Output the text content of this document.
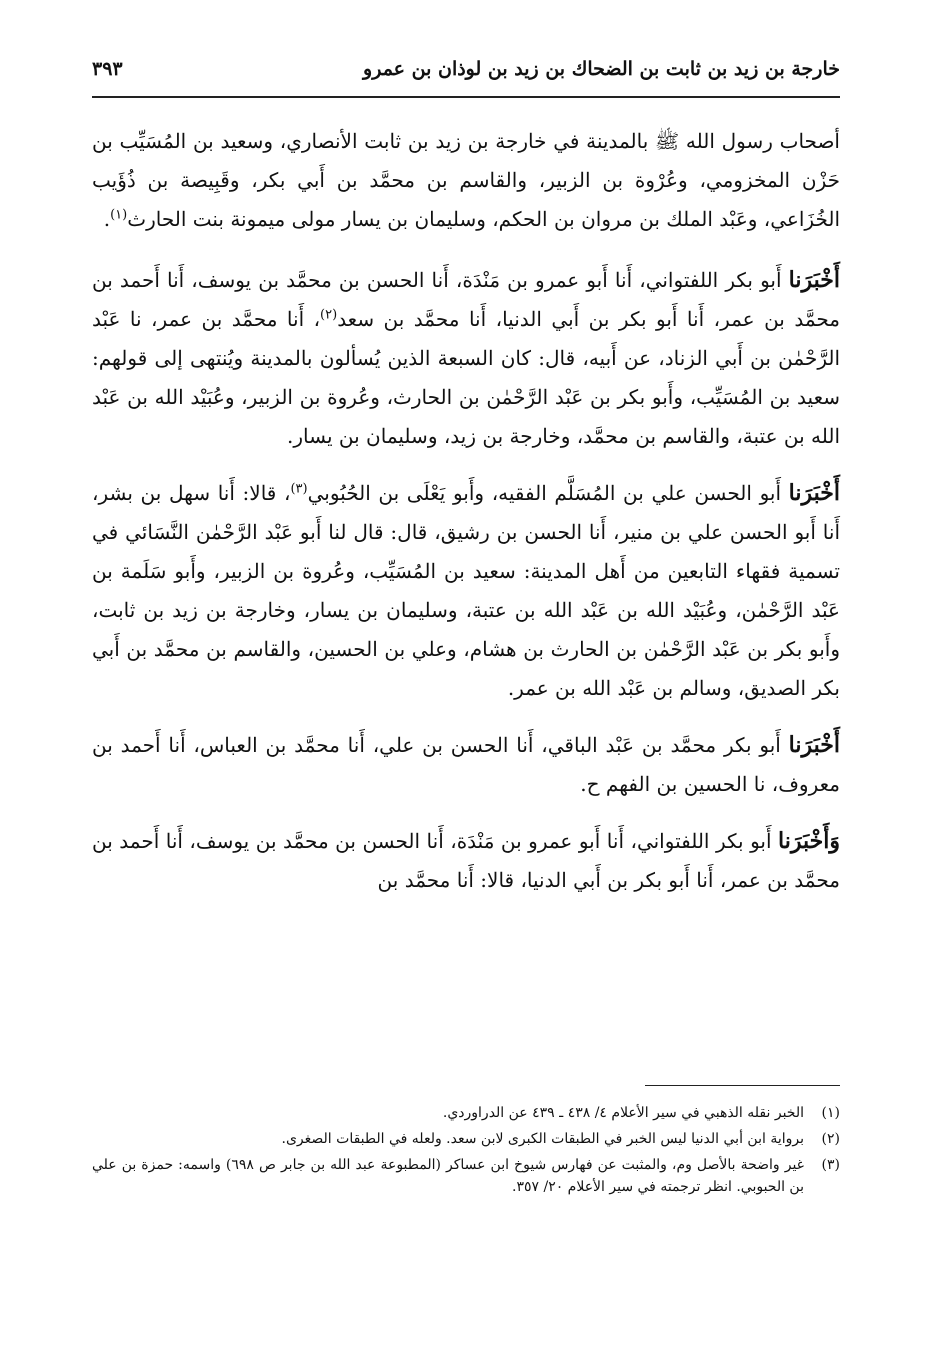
خارجة بن زيد بن ثابت بن الضحاك بن زيد بن لوذان بن عمرو
٣٩٣

أصحاب رسول الله ﷺ بالمدينة في خارجة بن زيد بن ثابت الأنصاري، وسعيد بن المُسَيِّب بن حَزْن المخزومي، وعُرْوة بن الزبير، والقاسم بن محمَّد بن أَبي بكر، وقَبِيصة بن ذُؤَيب الخُزَاعي، وعَبْد الملك بن مروان بن الحكم، وسليمان بن يسار مولى ميمونة بنت الحارث$^{(١)}$.

أَخْبَرَنا أَبو بكر اللفتواني، أَنا أَبو عمرو بن مَنْدَة، أَنا الحسن بن محمَّد بن يوسف، أَنا أَحمد بن محمَّد بن عمر، أَنا أَبو بكر بن أَبي الدنيا، أَنا محمَّد بن سعد$^{(٢)}$، أَنا محمَّد بن عمر، نا عَبْد الرَّحْمٰن بن أَبي الزناد، عن أَبيه، قال: كان السبعة الذين يُسألون بالمدينة ويُنتهى إلى قولهم: سعيد بن المُسَيِّب، وأَبو بكر بن عَبْد الرَّحْمٰن بن الحارث، وعُروة بن الزبير، وعُبَيْد الله بن عَبْد الله بن عتبة، والقاسم بن محمَّد، وخارجة بن زيد، وسليمان بن يسار.

أَخْبَرَنا أَبو الحسن علي بن المُسَلَّم الفقيه، وأَبو يَعْلَى بن الحُبُوبي$^{(٣)}$، قالا: أَنا سهل بن بشر، أَنا أَبو الحسن علي بن منير، أَنا الحسن بن رشيق، قال: قال لنا أَبو عَبْد الرَّحْمٰن النَّسَائي في تسمية فقهاء التابعين من أَهل المدينة: سعيد بن المُسَيِّب، وعُروة بن الزبير، وأَبو سَلَمة بن عَبْد الرَّحْمٰن، وعُبَيْد الله بن عَبْد الله بن عتبة، وسليمان بن يسار، وخارجة بن زيد بن ثابت، وأَبو بكر بن عَبْد الرَّحْمٰن بن الحارث بن هشام، وعلي بن الحسين، والقاسم بن محمَّد بن أَبي بكر الصديق، وسالم بن عَبْد الله بن عمر.

أَخْبَرَنا أَبو بكر محمَّد بن عَبْد الباقي، أَنا الحسن بن علي، أَنا محمَّد بن العباس، أَنا أَحمد بن معروف، نا الحسين بن الفهم ح.

وَأَخْبَرَنا أَبو بكر اللفتواني، أَنا أَبو عمرو بن مَنْدَة، أَنا الحسن بن محمَّد بن يوسف، أَنا أَحمد بن محمَّد بن عمر، أَنا أَبو بكر بن أَبي الدنيا، قالا: أَنا محمَّد بن

(١)
الخبر نقله الذهبي في سير الأعلام ٤/ ٤٣٨ ـ ٤٣٩ عن الدراوردي.
(٢)
برواية ابن أبي الدنيا ليس الخبر في الطبقات الكبرى لابن سعد. ولعله في الطبقات الصغرى.
(٣)
غير واضحة بالأصل وم، والمثبت عن فهارس شيوخ ابن عساكر (المطبوعة عبد الله بن جابر ص ٦٩٨) واسمه: حمزة بن علي بن الحبوبي. انظر ترجمته في سير الأعلام ٢٠/ ٣٥٧.
